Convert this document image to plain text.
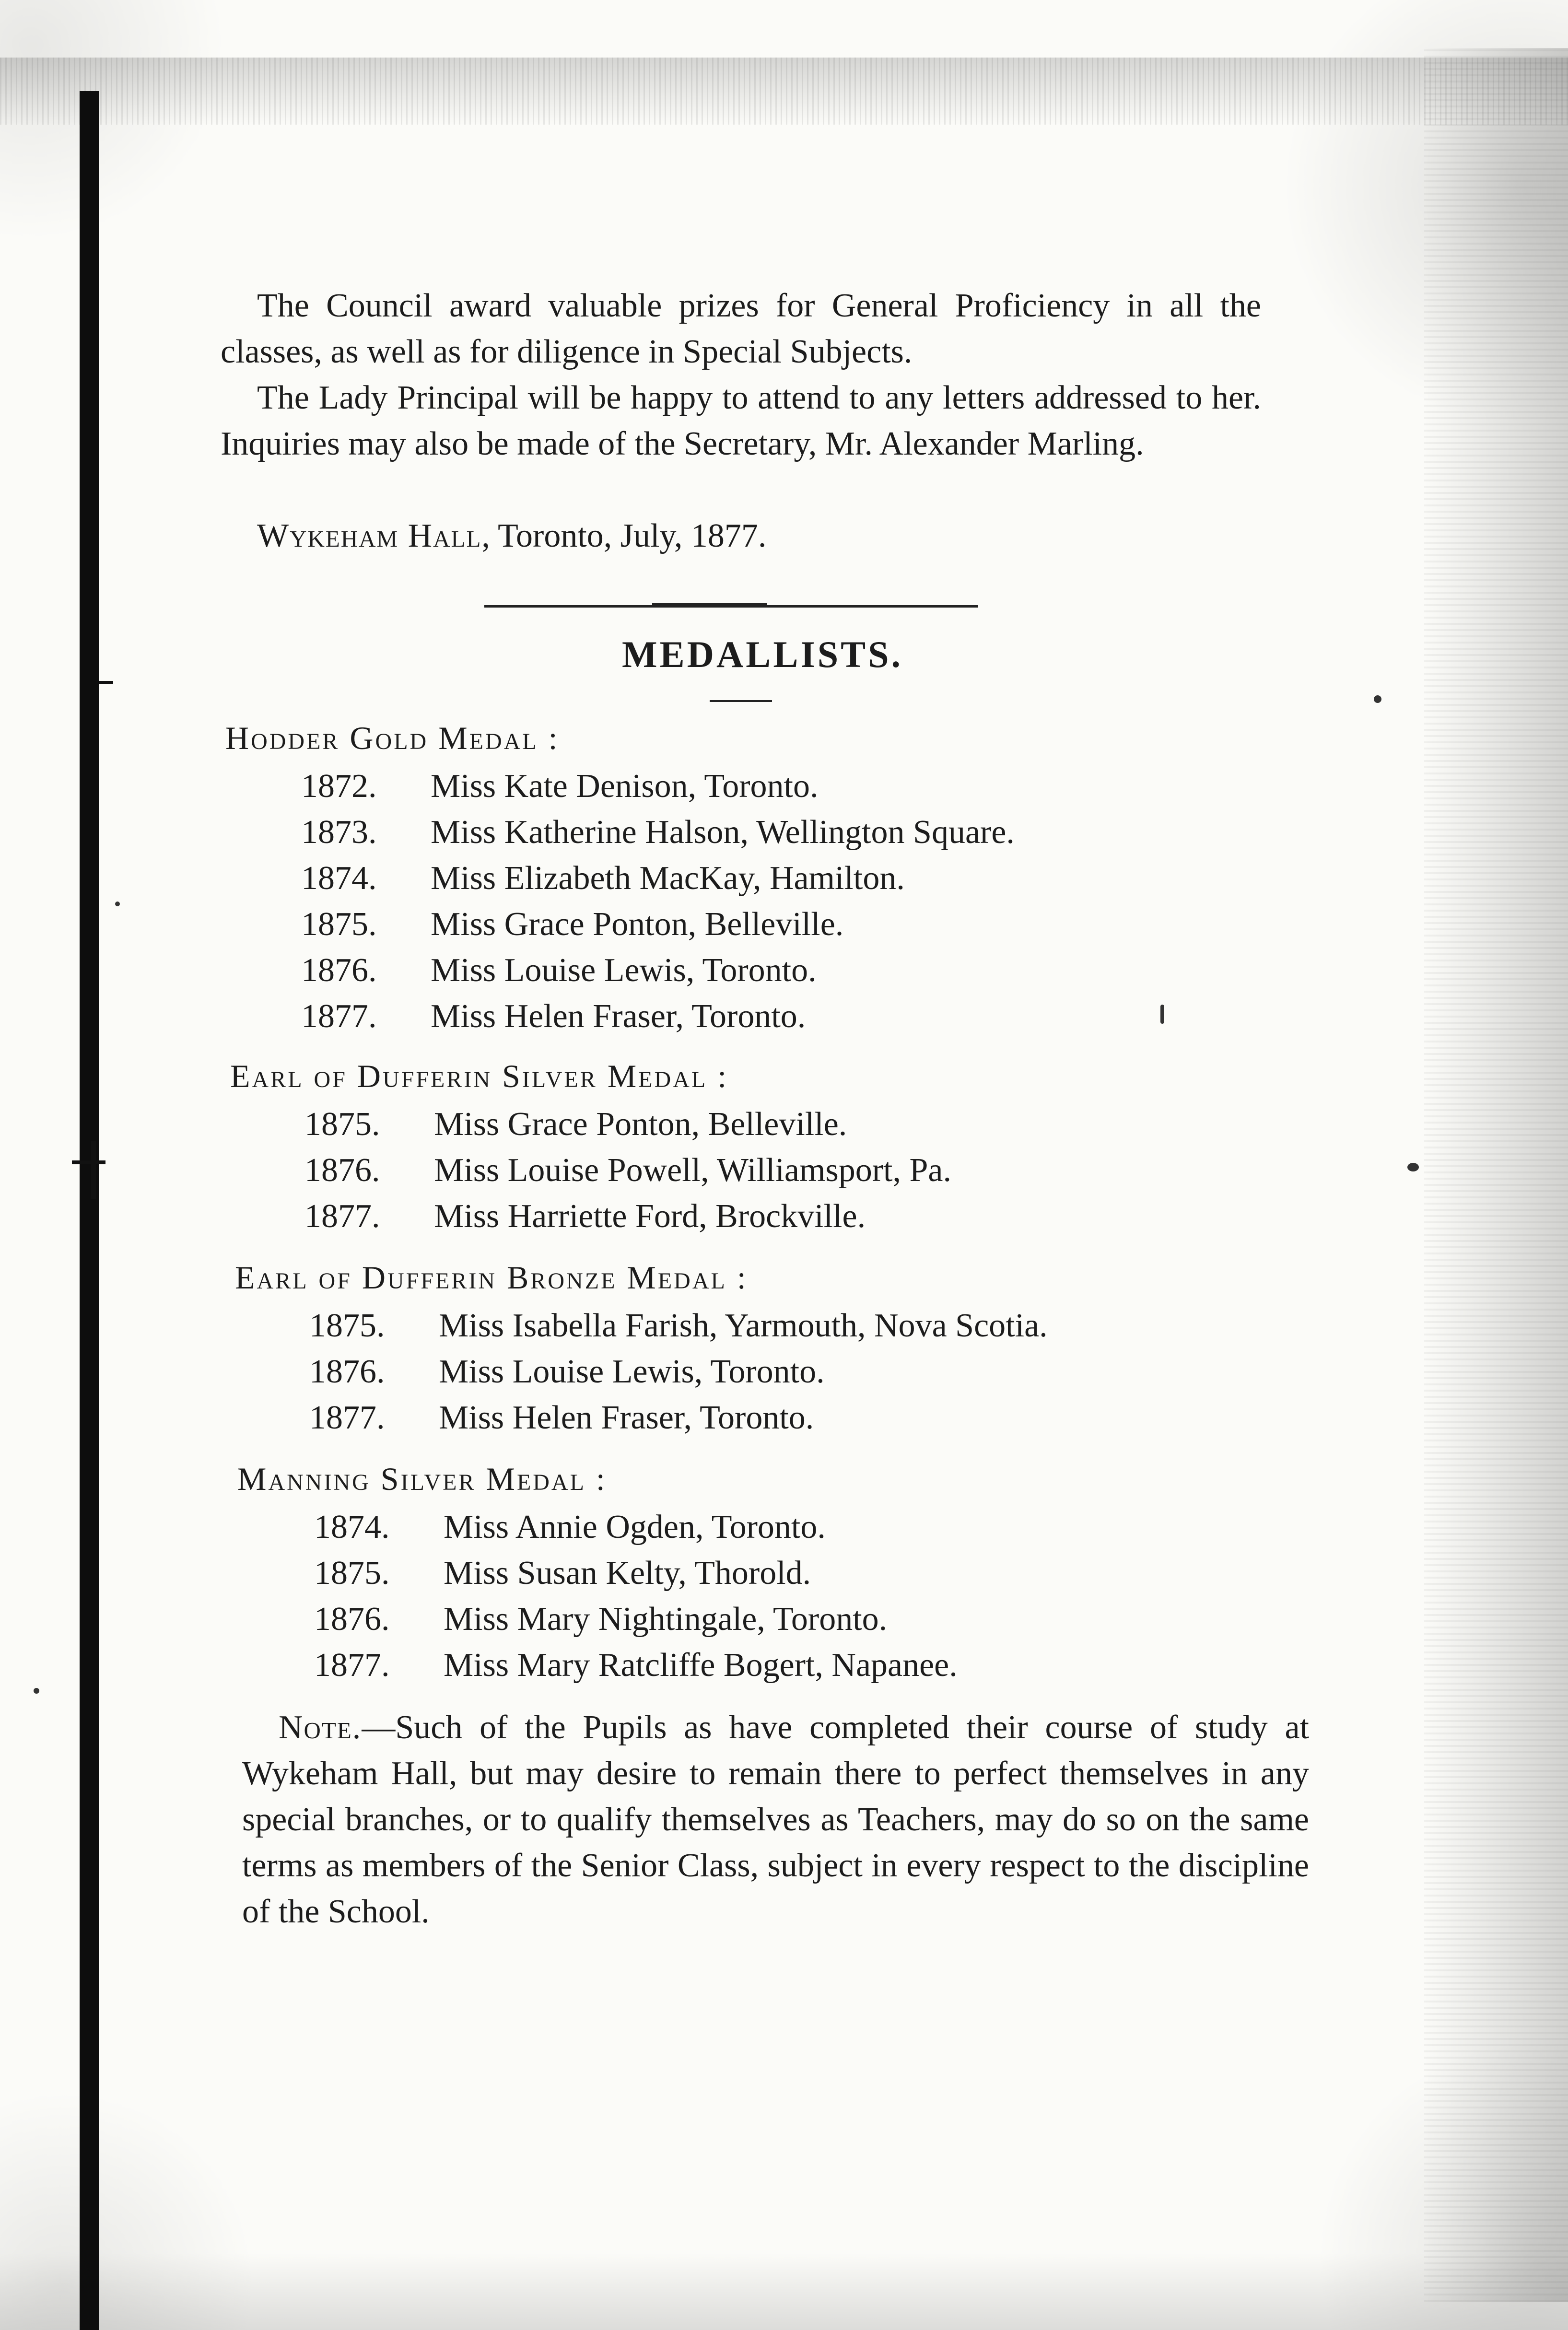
The Council award valuable prizes for General Proficiency in all the classes, as well as for diligence in Special Subjects.

The Lady Principal will be happy to attend to any letters addressed to her. Inquiries may also be made of the Secretary, Mr. Alexander Marling.

Wykeham Hall, Toronto, July, 1877.

MEDALLISTS.
Hodder Gold Medal :
1872. Miss Kate Denison, Toronto.
1873. Miss Katherine Halson, Wellington Square.
1874. Miss Elizabeth MacKay, Hamilton.
1875. Miss Grace Ponton, Belleville.
1876. Miss Louise Lewis, Toronto.
1877. Miss Helen Fraser, Toronto.
Earl of Dufferin Silver Medal :
1875. Miss Grace Ponton, Belleville.
1876. Miss Louise Powell, Williamsport, Pa.
1877. Miss Harriette Ford, Brockville.
Earl of Dufferin Bronze Medal :
1875. Miss Isabella Farish, Yarmouth, Nova Scotia.
1876. Miss Louise Lewis, Toronto.
1877. Miss Helen Fraser, Toronto.
Manning Silver Medal :
1874. Miss Annie Ogden, Toronto.
1875. Miss Susan Kelty, Thorold.
1876. Miss Mary Nightingale, Toronto.
1877. Miss Mary Ratcliffe Bogert, Napanee.

Note.—Such of the Pupils as have completed their course of study at Wykeham Hall, but may desire to remain there to perfect themselves in any special branches, or to qualify themselves as Teachers, may do so on the same terms as members of the Senior Class, subject in every respect to the discipline of the School.
